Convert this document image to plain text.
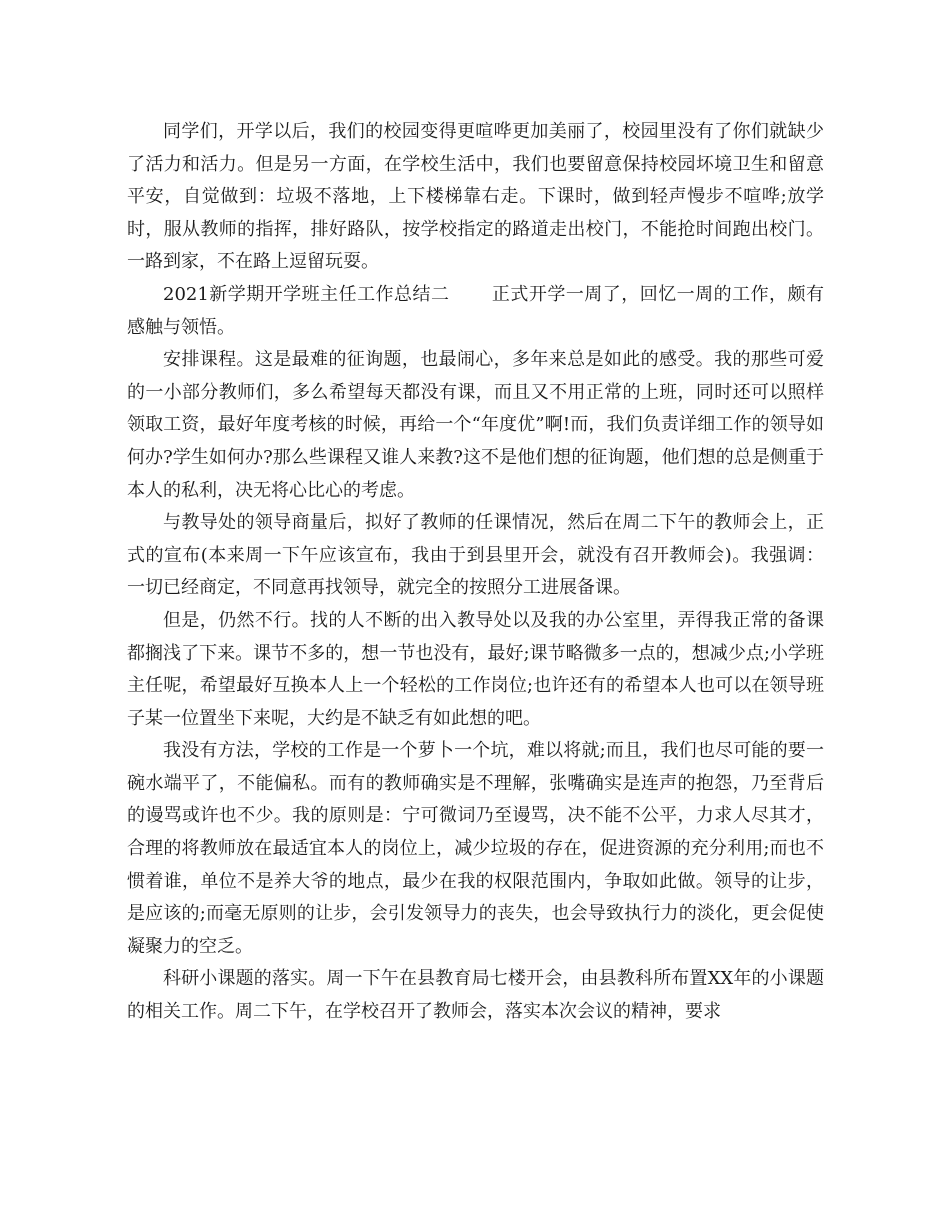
同学们，开学以后，我们的校园变得更喧哗更加美丽了，校园里没有了你们就缺少了活力和活力。但是另一方面，在学校生活中，我们也要留意保持校园坏境卫生和留意平安，自觉做到：垃圾不落地，上下楼梯靠右走。下课时，做到轻声慢步不喧哗;放学时，服从教师的指挥，排好路队，按学校指定的路道走出校门，不能抢时间跑出校门。一路到家，不在路上逗留玩耍。

2021新学期开学班主任工作总结二 正式开学一周了，回忆一周的工作，颇有感触与领悟。

安排课程。这是最难的征询题，也最闹心，多年来总是如此的感受。我的那些可爱的一小部分教师们，多么希望每天都没有课，而且又不用正常的上班，同时还可以照样领取工资，最好年度考核的时候，再给一个“年度优”啊!而，我们负责详细工作的领导如何办?学生如何办?那么些课程又谁人来教?这不是他们想的征询题，他们想的总是侧重于本人的私利，决无将心比心的考虑。

与教导处的领导商量后，拟好了教师的任课情况，然后在周二下午的教师会上，正式的宣布(本来周一下午应该宣布，我由于到县里开会，就没有召开教师会)。我强调：一切已经商定，不同意再找领导，就完全的按照分工进展备课。

但是，仍然不行。找的人不断的出入教导处以及我的办公室里，弄得我正常的备课都搁浅了下来。课节不多的，想一节也没有，最好;课节略微多一点的，想减少点;小学班主任呢，希望最好互换本人上一个轻松的工作岗位;也许还有的希望本人也可以在领导班子某一位置坐下来呢，大约是不缺乏有如此想的吧。

我没有方法，学校的工作是一个萝卜一个坑，难以将就;而且，我们也尽可能的要一碗水端平了，不能偏私。而有的教师确实是不理解，张嘴确实是连声的抱怨，乃至背后的谩骂或许也不少。我的原则是：宁可微词乃至谩骂，决不能不公平，力求人尽其才，合理的将教师放在最适宜本人的岗位上，减少垃圾的存在，促进资源的充分利用;而也不惯着谁，单位不是养大爷的地点，最少在我的权限范围内，争取如此做。领导的让步，是应该的;而毫无原则的让步，会引发领导力的丧失，也会导致执行力的淡化，更会促使凝聚力的空乏。

科研小课题的落实。周一下午在县教育局七楼开会，由县教科所布置XX年的小课题的相关工作。周二下午，在学校召开了教师会，落实本次会议的精神，要求
